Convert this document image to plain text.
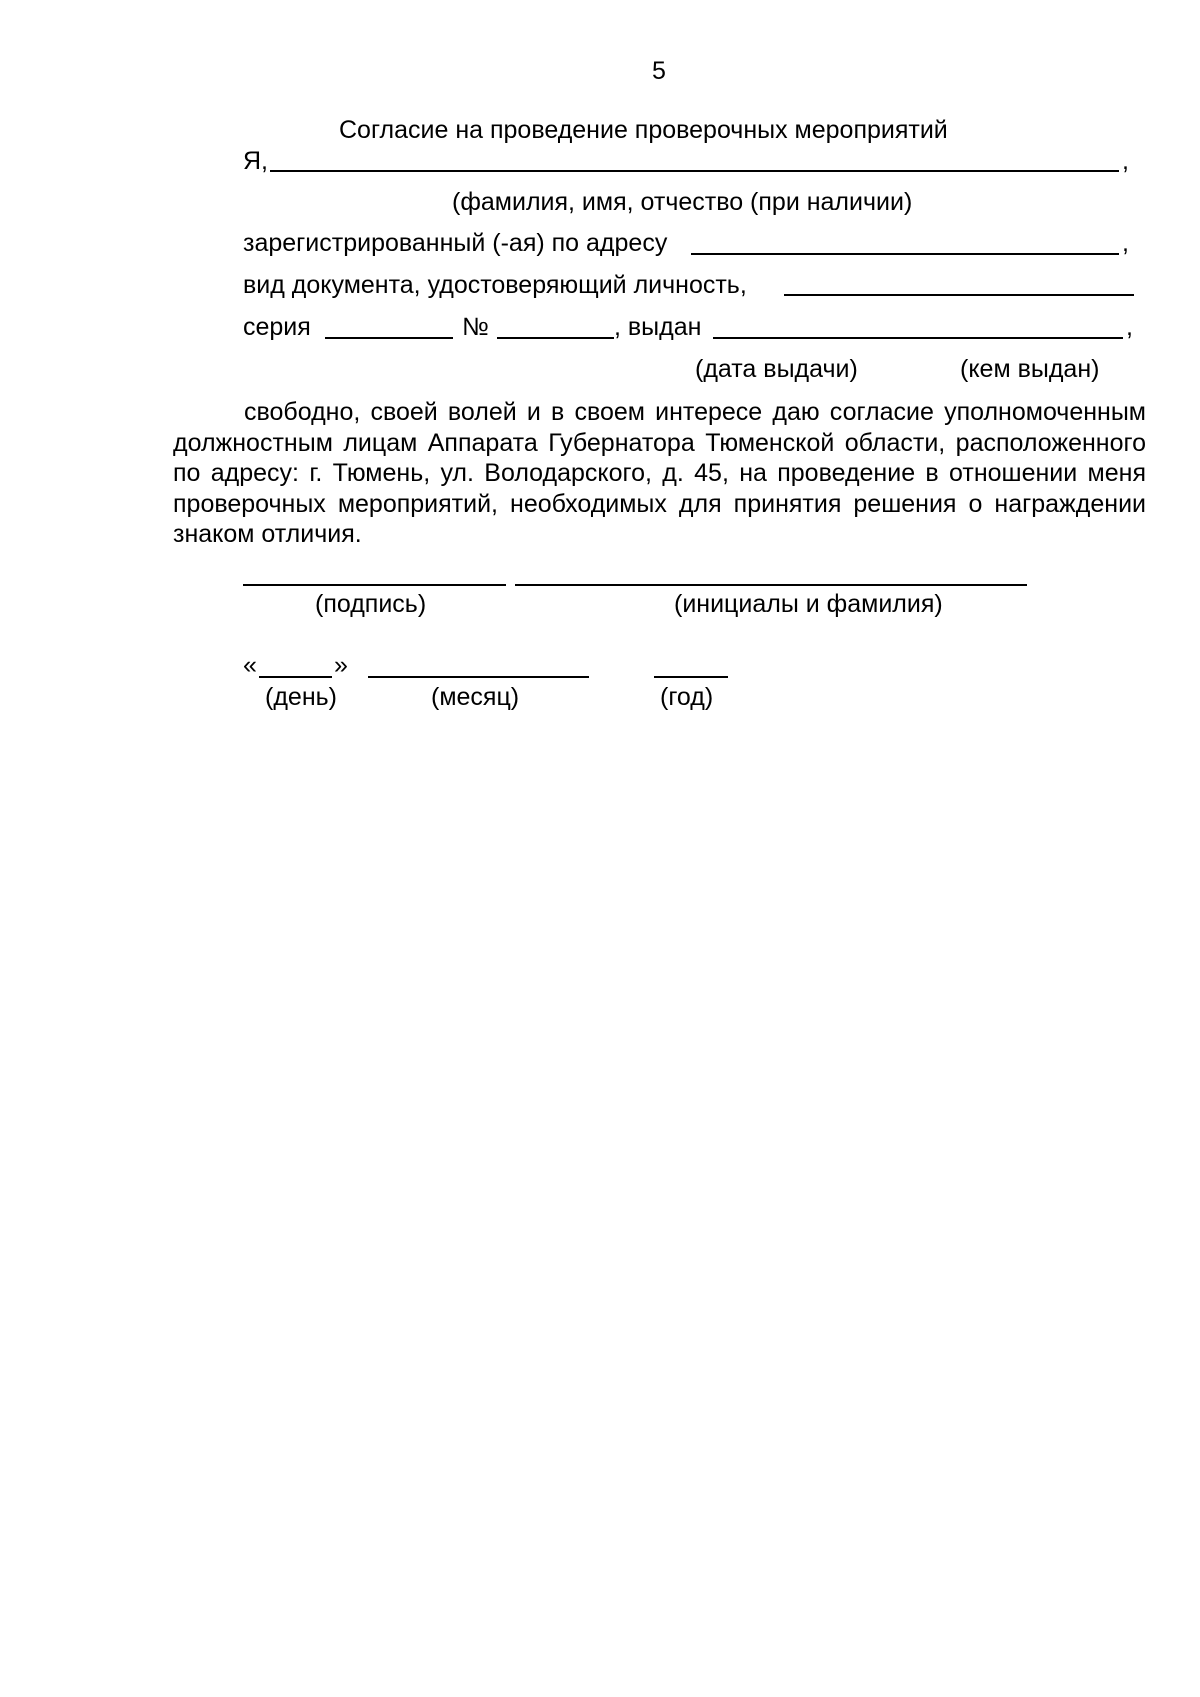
5
Согласие на проведение проверочных мероприятий
Я,	,
(фамилия, имя, отчество (при наличии)
зарегистрированный (-ая) по адресу	,
вид документа, удостоверяющий личность,
серия	№	, выдан	,
(дата выдачи)	(кем выдан)
свободно, своей волей и в своем интересе даю согласие уполномоченным должностным лицам Аппарата Губернатора Тюменской области, расположенного по адресу: г. Тюмень, ул. Володарского, д. 45, на проведение в отношении меня проверочных мероприятий, необходимых для принятия решения о награждении знаком отличия.
(подпись)	(инициалы и фамилия)
«	»
(день)	(месяц)	(год)
